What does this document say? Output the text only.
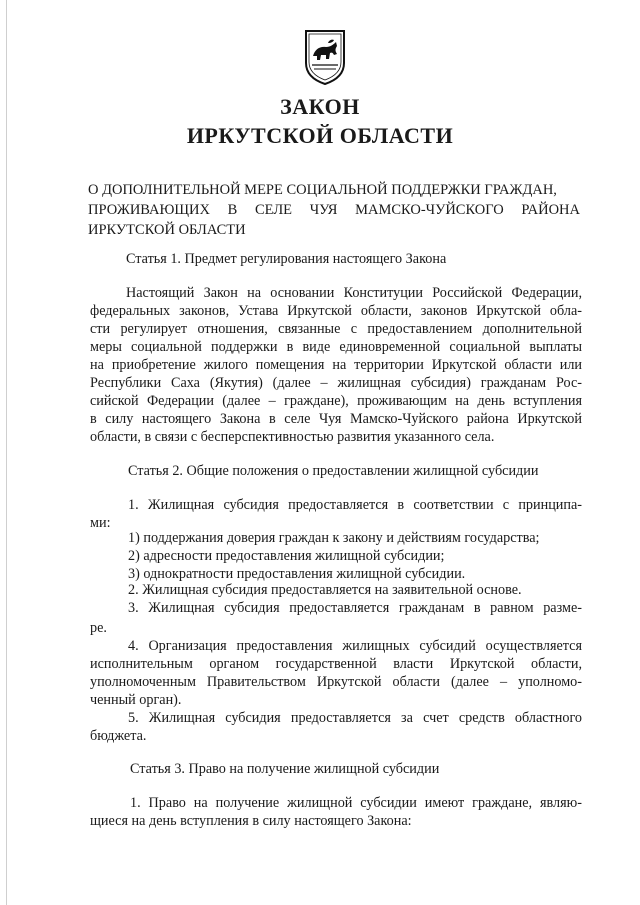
ЗАКОН
ИРКУТСКОЙ ОБЛАСТИ
О ДОПОЛНИТЕЛЬНОЙ МЕРЕ СОЦИАЛЬНОЙ ПОДДЕРЖКИ ГРАЖДАН,
ПРОЖИВАЮЩИХ В СЕЛЕ ЧУЯ МАМСКО-ЧУЙСКОГО РАЙОНА
ИРКУТСКОЙ ОБЛАСТИ
Статья 1. Предмет регулирования настоящего Закона
Настоящий Закон на основании Конституции Российской Федерации,
федеральных законов, Устава Иркутской области, законов Иркутской обла-
сти регулирует отношения, связанные с предоставлением дополнительной
меры социальной поддержки в виде единовременной социальной выплаты
на приобретение жилого помещения на территории Иркутской области или
Республики Саха (Якутия) (далее – жилищная субсидия) гражданам Рос-
сийской Федерации (далее – граждане), проживающим на день вступления
в силу настоящего Закона в селе Чуя Мамско-Чуйского района Иркутской
области, в связи с бесперспективностью развития указанного села.
Статья 2. Общие положения о предоставлении жилищной субсидии
1. Жилищная субсидия предоставляется в соответствии с принципа-
ми:
1) поддержания доверия граждан к закону и действиям государства;
2) адресности предоставления жилищной субсидии;
3) однократности предоставления жилищной субсидии.
2. Жилищная субсидия предоставляется на заявительной основе.
3. Жилищная субсидия предоставляется гражданам в равном разме-
ре.
4. Организация предоставления жилищных субсидий осуществляется
исполнительным органом государственной власти Иркутской области,
уполномоченным Правительством Иркутской области (далее – уполномо-
ченный орган).
5. Жилищная субсидия предоставляется за счет средств областного
бюджета.
Статья 3. Право на получение жилищной субсидии
1. Право на получение жилищной субсидии имеют граждане, являю-
щиеся на день вступления в силу настоящего Закона:
